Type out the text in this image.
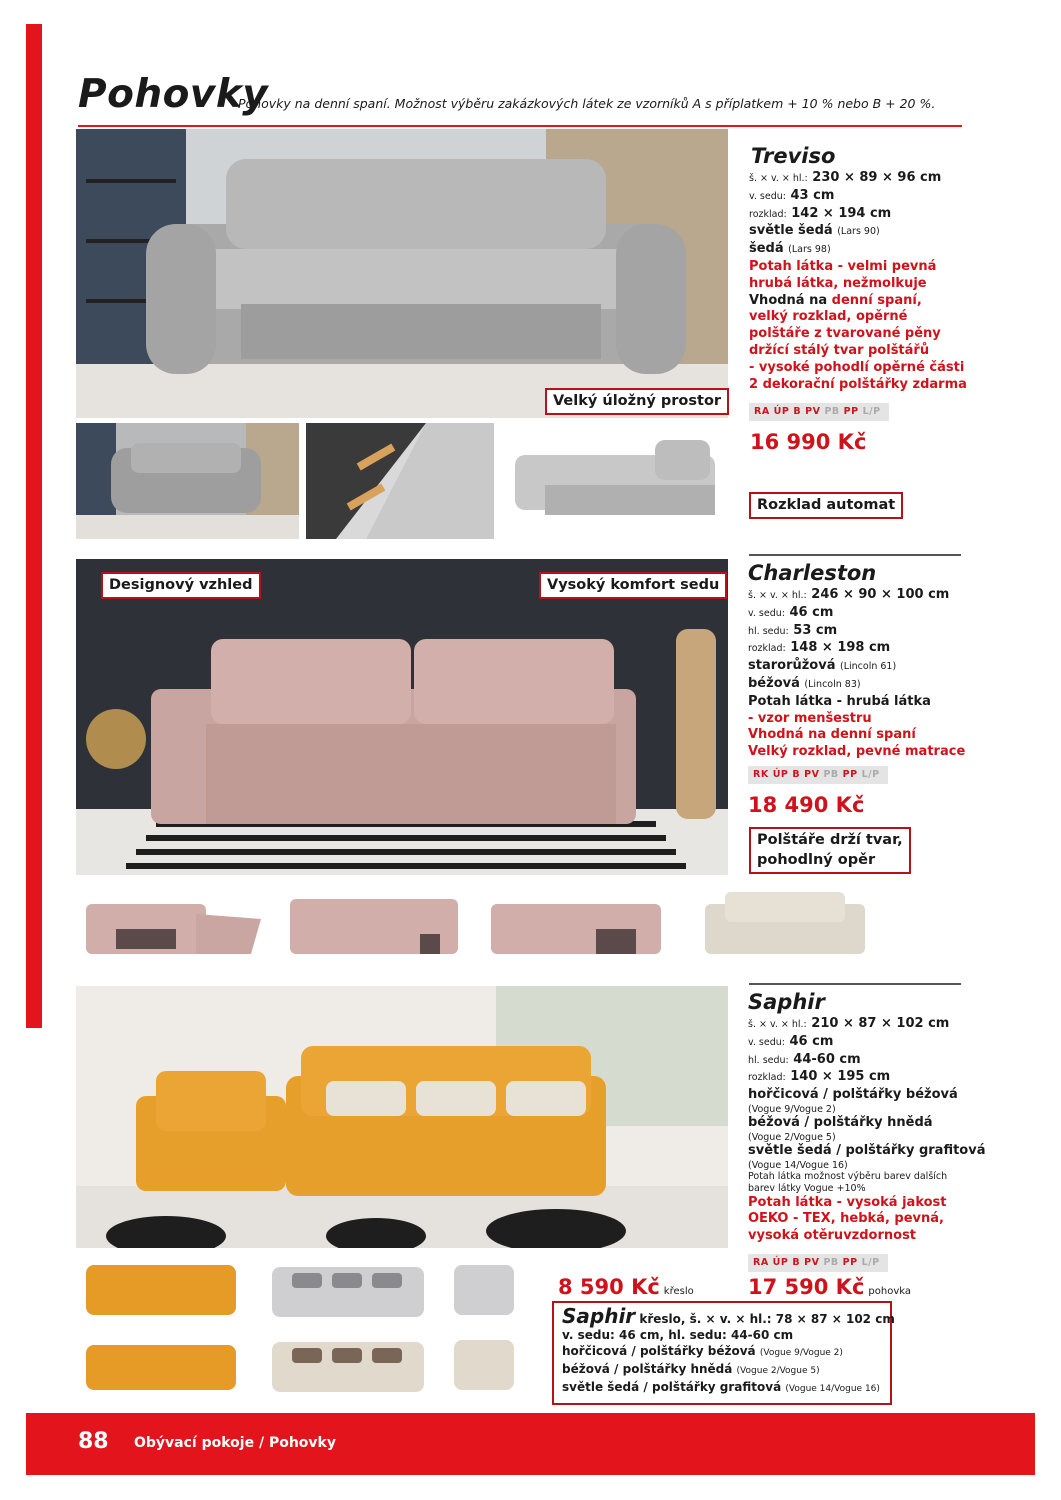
Pohovky
Pohovky na denní spaní. Možnost výběru zakázkových látek ze vzorníků A s příplatkem + 10 % nebo B + 20 %.
Velký úložný prostor
Rozklad automat
Treviso
š. × v. × hl.: 230 × 89 × 96 cm
v. sedu: 43 cm
rozklad: 142 × 194 cm
světle šedá (Lars 90)
šedá (Lars 98)
Potah látka - velmi pevná
hrubá látka, nežmolkuje
Vhodná na denní spaní,
velký rozklad, opěrné
polštáře z tvarované pěny
držící stálý tvar polštářů
- vysoké pohodlí opěrné části
2 dekorační polštářky zdarma
RA ÚP B PV PB PP L/P
16 990 Kč
Designový vzhled	Vysoký komfort sedu	Charleston
š. × v. × hl.: 246 × 90 × 100 cm
v. sedu: 46 cm
hl. sedu: 53 cm
rozklad: 148 × 198 cm
starorůžová (Lincoln 61)
béžová (Lincoln 83)
Potah látka - hrubá látka
- vzor menšestru
Vhodná na denní spaní
Velký rozklad, pevné matrace
RK ÚP B PV PB PP L/P
18 490 Kč
Polštáře drží tvar,
pohodlný opěr
Saphir
š. × v. × hl.: 210 × 87 × 102 cm
v. sedu: 46 cm
hl. sedu: 44-60 cm
rozklad: 140 × 195 cm
hořčicová / polštářky béžová
(Vogue 9/Vogue 2)
béžová / polštářky hnědá
(Vogue 2/Vogue 5)
světle šedá / polštářky grafitová
(Vogue 14/Vogue 16)
Potah látka možnost výběru barev dalších
barev látky Vogue +10%
Potah látka - vysoká jakost
OEKO - TEX, hebká, pevná,
vysoká otěruvzdornost
RA ÚP B PV PB PP L/P
8 590 Kč křeslo	17 590 Kč pohovka
Saphir křeslo, š. × v. × hl.: 78 × 87 × 102 cm
v. sedu: 46 cm, hl. sedu: 44-60 cm
hořčicová / polštářky béžová (Vogue 9/Vogue 2)
béžová / polštářky hnědá (Vogue 2/Vogue 5)
světle šedá / polštářky grafitová (Vogue 14/Vogue 16)
88 Obývací pokoje / Pohovky
